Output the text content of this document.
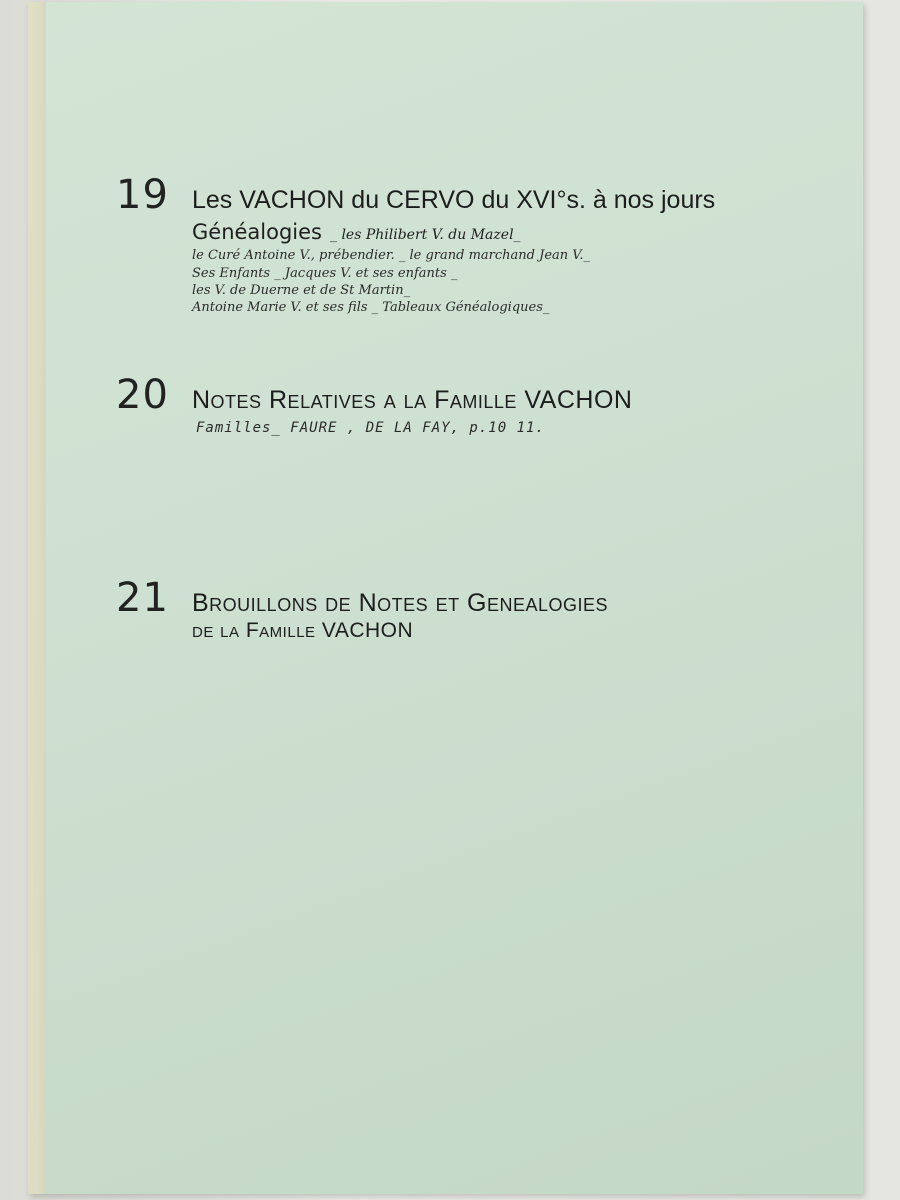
19 Les VACHON du CERVO du XVI°s. à nos jours
Généalogies _ les Philibert V. du Mazel_
le Curé Antoine V., prébendier. _ le grand marchand Jean V._
Ses Enfants _ Jacques V. et ses enfants _
les V. de Duerne et de St Martin_
Antoine Marie V. et ses fils _ Tableaux Généalogiques_
20 Notes Relatives a la Famille VACHON
Familles_ FAURE , DE LA FAY, p.10 11.
21 Brouillons de Notes et Genealogies
de la Famille VACHON
